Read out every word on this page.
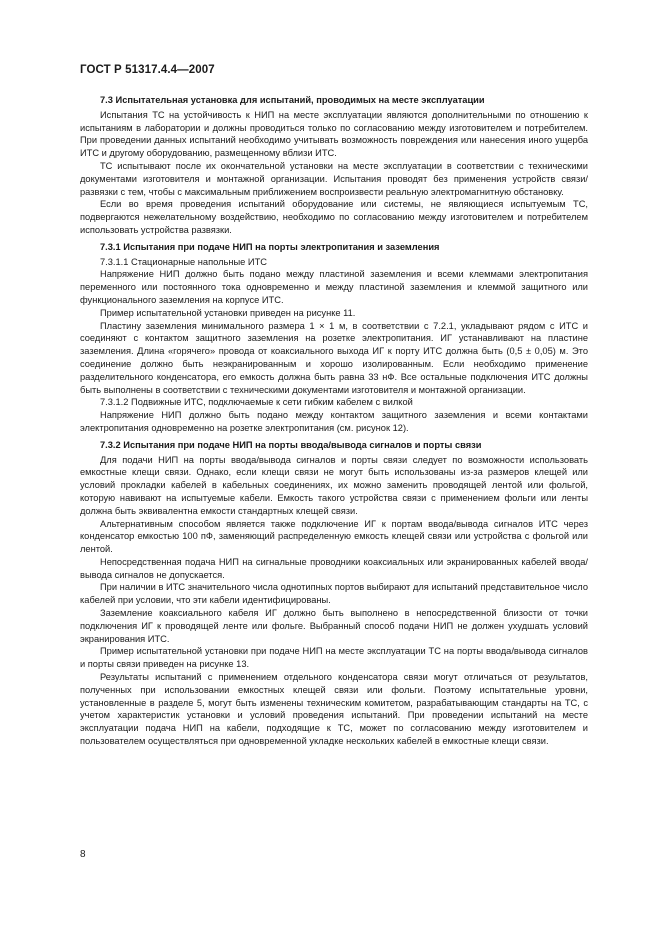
ГОСТ Р 51317.4.4—2007

7.3 Испытательная установка для испытаний, проводимых на месте эксплуатации

Испытания ТС на устойчивость к НИП на месте эксплуатации являются дополнительными по отношению к испытаниям в лаборатории и должны проводиться только по согласованию между изготовителем и потребителем. При проведении данных испытаний необходимо учитывать возможность повреждения или нанесения иного ущерба ИТС и другому оборудованию, размещенному вблизи ИТС.

ТС испытывают после их окончательной установки на месте эксплуатации в соответствии с техническими документами изготовителя и монтажной организации. Испытания проводят без применения устройств связи/развязки с тем, чтобы с максимальным приближением воспроизвести реальную электромагнитную обстановку.

Если во время проведения испытаний оборудование или системы, не являющиеся испытуемым ТС, подвергаются нежелательному воздействию, необходимо по согласованию между изготовителем и потребителем использовать устройства развязки.

7.3.1 Испытания при подаче НИП на порты электропитания и заземления

7.3.1.1 Стационарные напольные ИТС

Напряжение НИП должно быть подано между пластиной заземления и всеми клеммами электропитания переменного или постоянного тока одновременно и между пластиной заземления и клеммой защитного или функционального заземления на корпусе ИТС.

Пример испытательной установки приведен на рисунке 11.

Пластину заземления минимального размера 1 × 1 м, в соответствии с 7.2.1, укладывают рядом с ИТС и соединяют с контактом защитного заземления на розетке электропитания. ИГ устанавливают на пластине заземления. Длина «горячего» провода от коаксиального выхода ИГ к порту ИТС должна быть (0,5 ± 0,05) м. Это соединение должно быть неэкранированным и хорошо изолированным. Если необходимо применение разделительного конденсатора, его емкость должна быть равна 33 нФ. Все остальные подключения ИТС должны быть выполнены в соответствии с техническими документами изготовителя и монтажной организации.

7.3.1.2 Подвижные ИТС, подключаемые к сети гибким кабелем с вилкой

Напряжение НИП должно быть подано между контактом защитного заземления и всеми контактами электропитания одновременно на розетке электропитания (см. рисунок 12).

7.3.2 Испытания при подаче НИП на порты ввода/вывода сигналов и порты связи

Для подачи НИП на порты ввода/вывода сигналов и порты связи следует по возможности использовать емкостные клещи связи. Однако, если клещи связи не могут быть использованы из-за размеров клещей или условий прокладки кабелей в кабельных соединениях, их можно заменить проводящей лентой или фольгой, которую навивают на испытуемые кабели. Емкость такого устройства связи с применением фольги или ленты должна быть эквивалентна емкости стандартных клещей связи.

Альтернативным способом является также подключение ИГ к портам ввода/вывода сигналов ИТС через конденсатор емкостью 100 пФ, заменяющий распределенную емкость клещей связи или устройства с фольгой или лентой.

Непосредственная подача НИП на сигнальные проводники коаксиальных или экранированных кабелей ввода/вывода сигналов не допускается.

При наличии в ИТС значительного числа однотипных портов выбирают для испытаний представительное число кабелей при условии, что эти кабели идентифицированы.

Заземление коаксиального кабеля ИГ должно быть выполнено в непосредственной близости от точки подключения ИГ к проводящей ленте или фольге. Выбранный способ подачи НИП не должен ухудшать условий экранирования ИТС.

Пример испытательной установки при подаче НИП на месте эксплуатации ТС на порты ввода/вывода сигналов и порты связи приведен на рисунке 13.

Результаты испытаний с применением отдельного конденсатора связи могут отличаться от результатов, полученных при использовании емкостных клещей связи или фольги. Поэтому испытательные уровни, установленные в разделе 5, могут быть изменены техническим комитетом, разрабатывающим стандарты на ТС, с учетом характеристик установки и условий проведения испытаний. При проведении испытаний на месте эксплуатации подача НИП на кабели, подходящие к ТС, может по согласованию между изготовителем и пользователем осуществляться при одновременной укладке нескольких кабелей в емкостные клещи связи.

8
